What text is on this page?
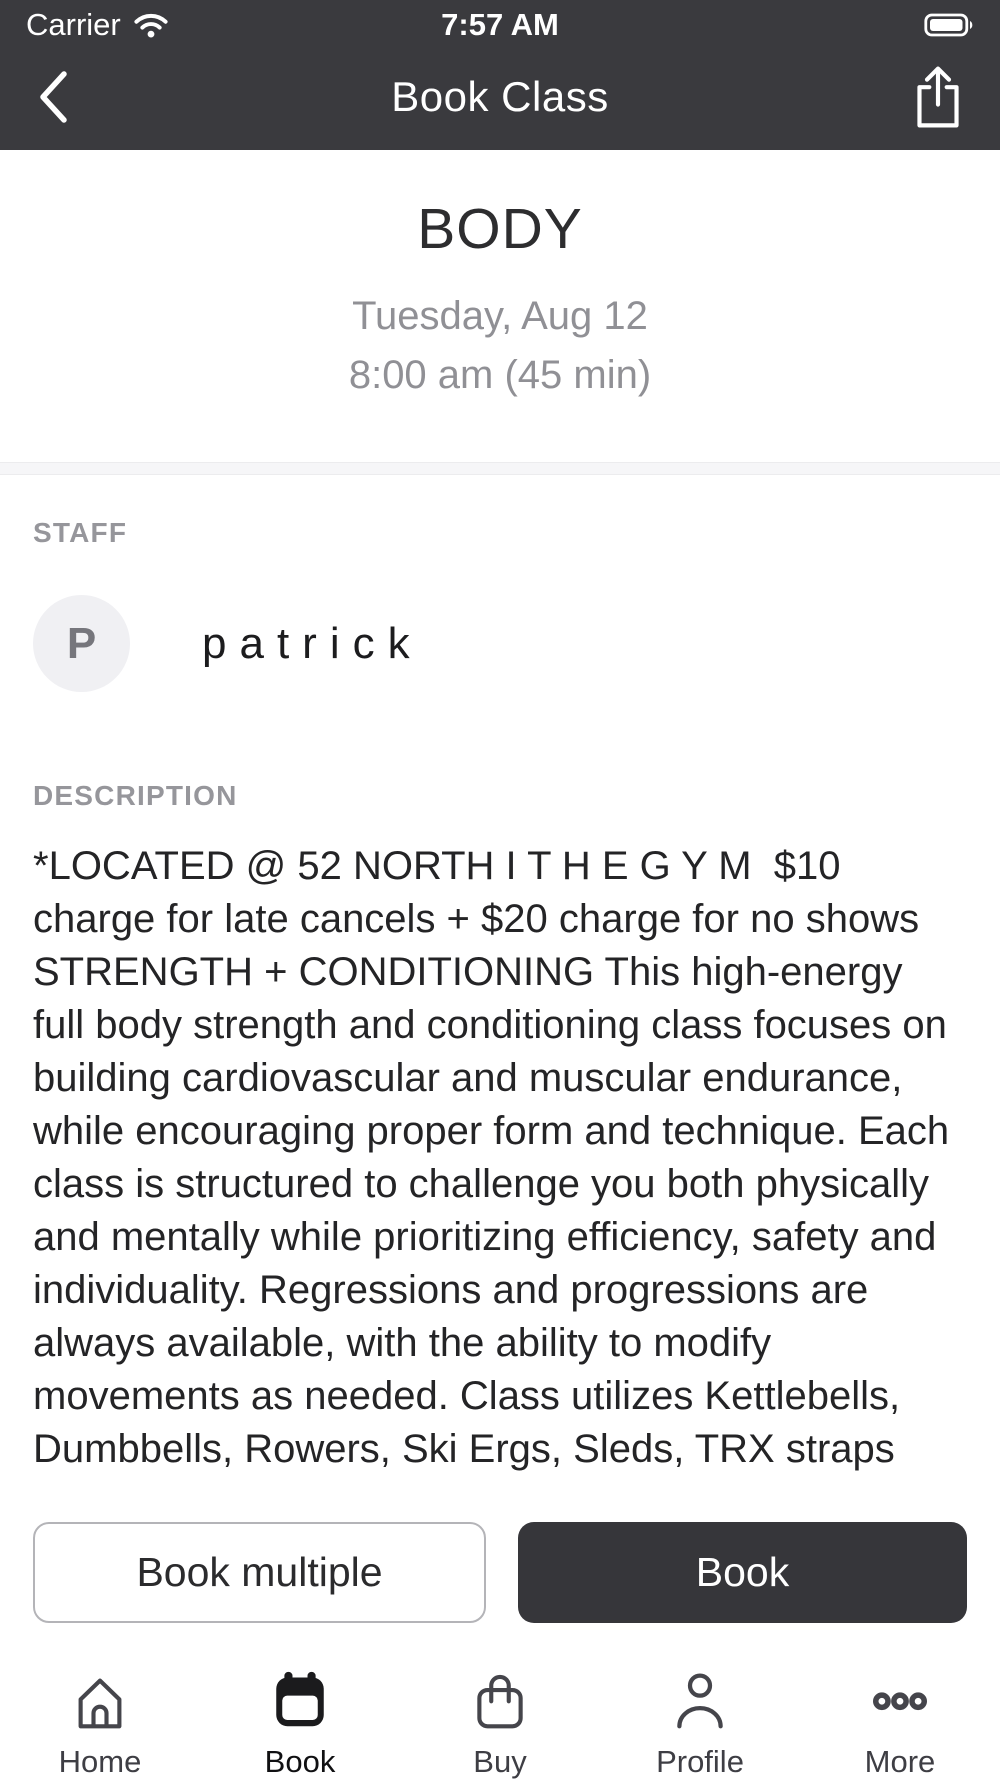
Carrier	7:57 AM
Book Class
BODY
Tuesday, Aug 12
8:00 am (45 min)
STAFF
P	patrick
DESCRIPTION

*LOCATED @ 52 NORTH I T H E G Y M  $10 charge for late cancels + $20 charge for no shows STRENGTH + CONDITIONING This high-energy full body strength and conditioning class focuses on building cardiovascular and muscular endurance, while encouraging proper form and technique. Each class is structured to challenge you both physically and mentally while prioritizing efficiency, safety and individuality. Regressions and progressions are always available, with the ability to modify movements as needed. Class utilizes Kettlebells, Dumbbells, Rowers, Ski Ergs, Sleds, TRX straps

Book multiple	Book
Home	Book	Buy	Profile	More
